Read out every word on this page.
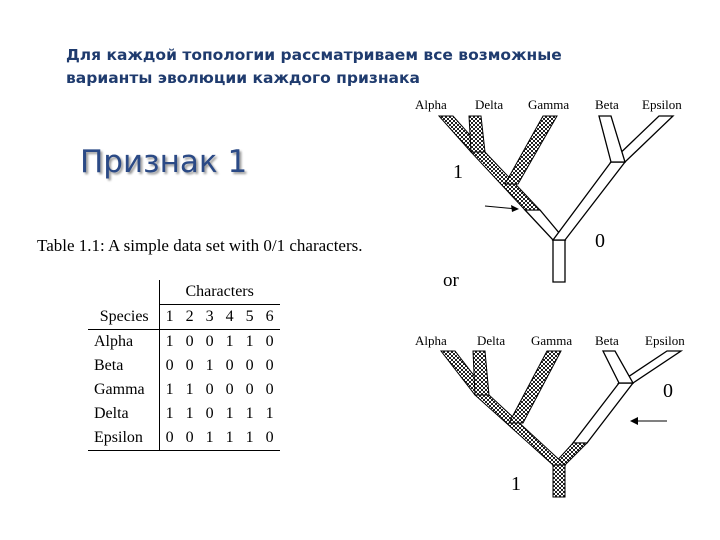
Для каждой топологии рассматриваем все возможные
варианты эволюции каждого признака
Признак 1
Table 1.1: A simple data set with 0/1 characters.
	Characters					
Species	1	2	3	4	5	6
Alpha	1	0	0	1	1	0
Beta	0	0	1	0	0	0
Gamma	1	1	0	0	0	0
Delta	1	1	0	1	1	1
Epsilon	0	0	1	1	1	0
Alpha Delta Gamma Beta Epsilon
1
0
or
Alpha Delta Gamma Beta Epsilon
0
1
